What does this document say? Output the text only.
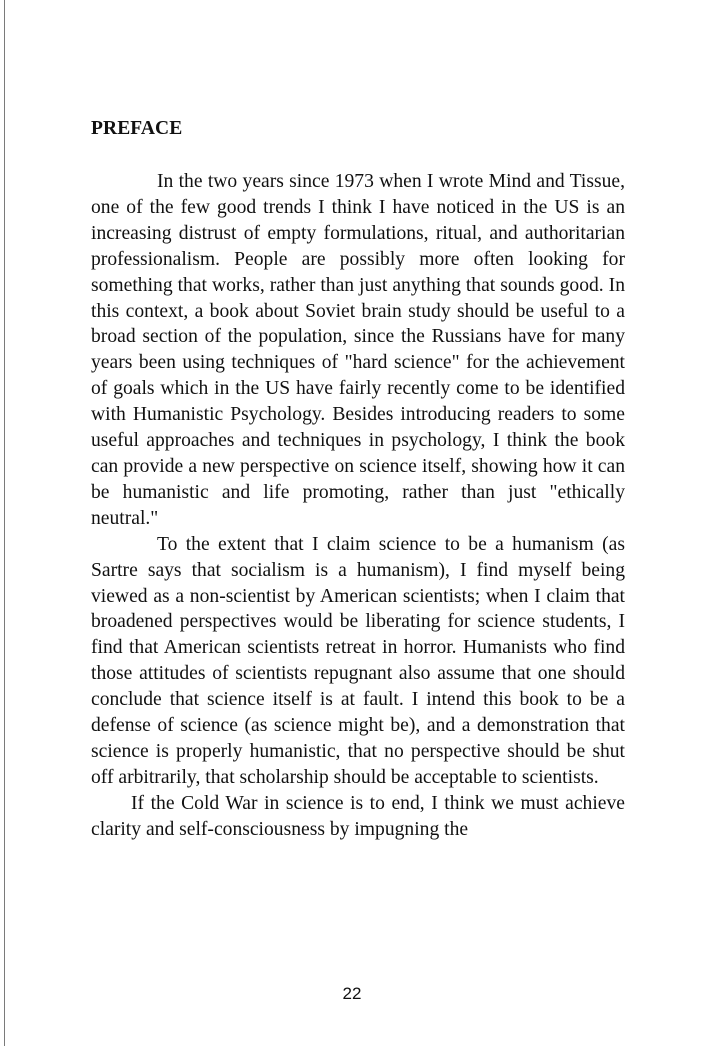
PREFACE

In the two years since 1973 when I wrote Mind and Tissue, one of the few good trends I think I have noticed in the US is an increasing distrust of empty formulations, ritual, and authoritarian professionalism. People are possibly more often looking for something that works, rather than just anything that sounds good. In this context, a book about Soviet brain study should be useful to a broad section of the population, since the Russians have for many years been using techniques of "hard science" for the achievement of goals which in the US have fairly recently come to be identified with Humanistic Psychology. Besides introducing readers to some useful approaches and techniques in psychology, I think the book can provide a new perspective on science itself, showing how it can be humanistic and life promoting, rather than just "ethically neutral."

To the extent that I claim science to be a humanism (as Sartre says that socialism is a humanism), I find myself being viewed as a non-scientist by American scientists; when I claim that broadened perspectives would be liberating for science students, I find that American scientists retreat in horror. Humanists who find those attitudes of scientists repugnant also assume that one should conclude that science itself is at fault. I intend this book to be a defense of science (as science might be), and a demonstration that science is properly humanistic, that no perspective should be shut off arbitrarily, that scholarship should be acceptable to scientists.

If the Cold War in science is to end, I think we must achieve clarity and self-consciousness by impugning the

22
